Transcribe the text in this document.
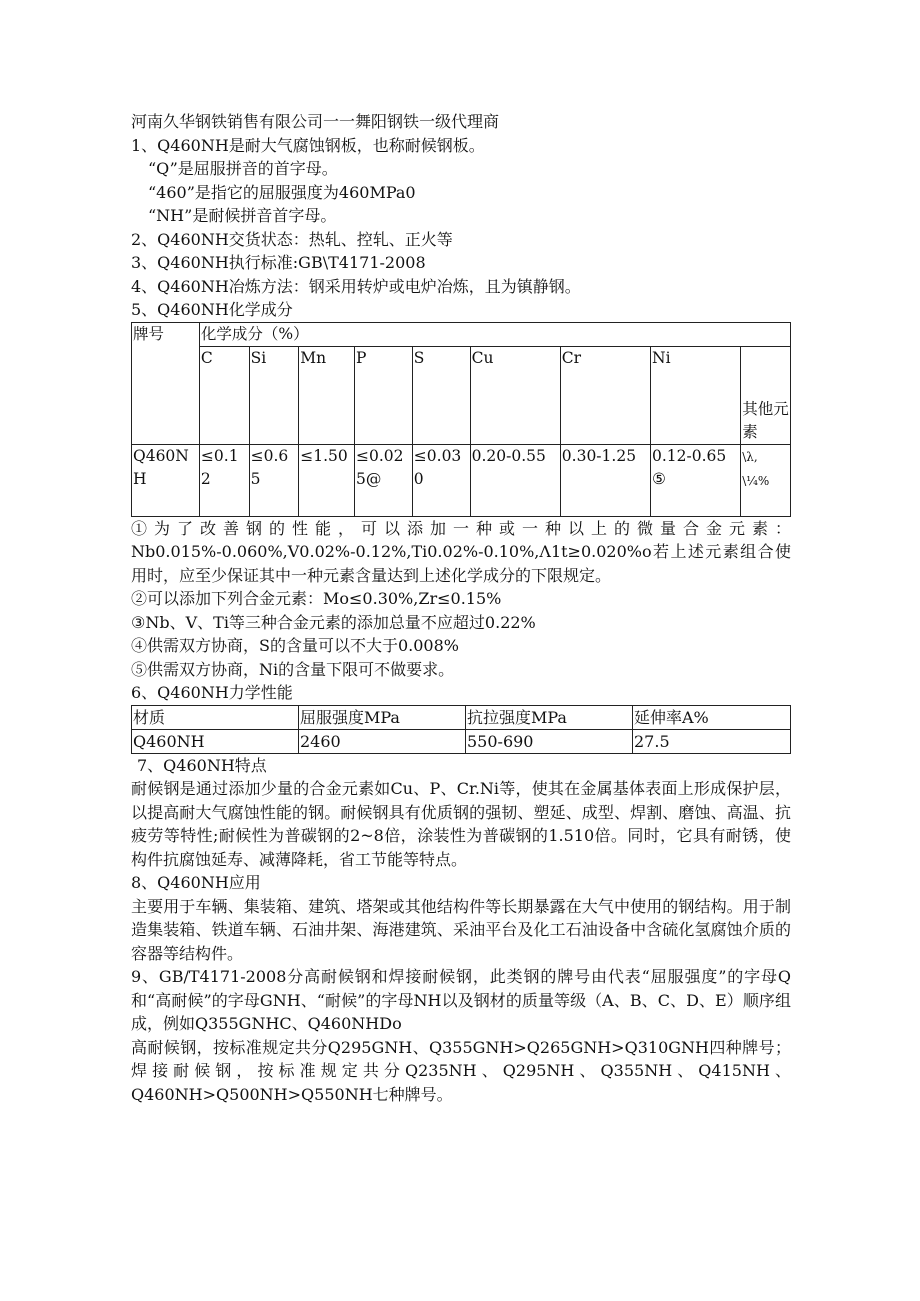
河南久华钢铁销售有限公司一一舞阳钢铁一级代理商
1、Q460NH是耐大气腐蚀钢板，也称耐候钢板。
“Q”是屈服拼音的首字母。
“460”是指它的屈服强度为460MPa0
“NH”是耐候拼音首字母。
2、Q460NH交货状态：热轧、控轧、正火等
3、Q460NH执行标准:GB\T4171-2008
4、Q460NH冶炼方法：钢采用转炉或电炉冶炼，且为镇静钢。
5、Q460NH化学成分
牌号	化学成分（%）								
	C	Si	Mn	P	S	Cu	Cr	Ni	其他元素
Q460NH	≤0.12	≤0.65	≤1.50	≤0.025@	≤0.030	0.20-0.55	0.30-1.25	0.12-0.65⑤	\λ,
\¼%
①为了改善钢的性能，可以添加一种或一种以上的微量合金元素：Nb0.015%-0.060%,V0.02%-0.12%,Ti0.02%-0.10%,Λ1t≥0.020%o若上述元素组合使用时，应至少保证其中一种元素含量达到上述化学成分的下限规定。
②可以添加下列合金元素：Mo≤0.30%,Zr≤0.15%
③Nb、V、Ti等三种合金元素的添加总量不应超过0.22%
④供需双方协商，S的含量可以不大于0.008%
⑤供需双方协商，Ni的含量下限可不做要求。
6、Q460NH力学性能
材质	屈服强度MPa	抗拉强度MPa	延伸率A%
Q460NH	2460	550-690	27.5
7、Q460NH特点
耐候钢是通过添加少量的合金元素如Cu、P、Cr.Ni等，使其在金属基体表面上形成保护层，以提高耐大气腐蚀性能的钢。耐候钢具有优质钢的强韧、塑延、成型、焊割、磨蚀、高温、抗疲劳等特性;耐候性为普碳钢的2~8倍，涂装性为普碳钢的1.510倍。同时，它具有耐锈，使构件抗腐蚀延寿、减薄降耗，省工节能等特点。
8、Q460NH应用
主要用于车辆、集装箱、建筑、塔架或其他结构件等长期暴露在大气中使用的钢结构。用于制造集装箱、铁道车辆、石油井架、海港建筑、采油平台及化工石油设备中含硫化氢腐蚀介质的容器等结构件。
9、GB/T4171-2008分高耐候钢和焊接耐候钢，此类钢的牌号由代表“屈服强度”的字母Q和“高耐候”的字母GNH、“耐候”的字母NH以及钢材的质量等级（A、B、C、D、E）顺序组成，例如Q355GNHC、Q460NHDo
高耐候钢，按标准规定共分Q295GNH、Q355GNH>Q265GNH>Q310GNH四种牌号；焊接耐候钢，按标准规定共分Q235NH、Q295NH、Q355NH、Q415NH、Q460NH>Q500NH>Q550NH七种牌号。
